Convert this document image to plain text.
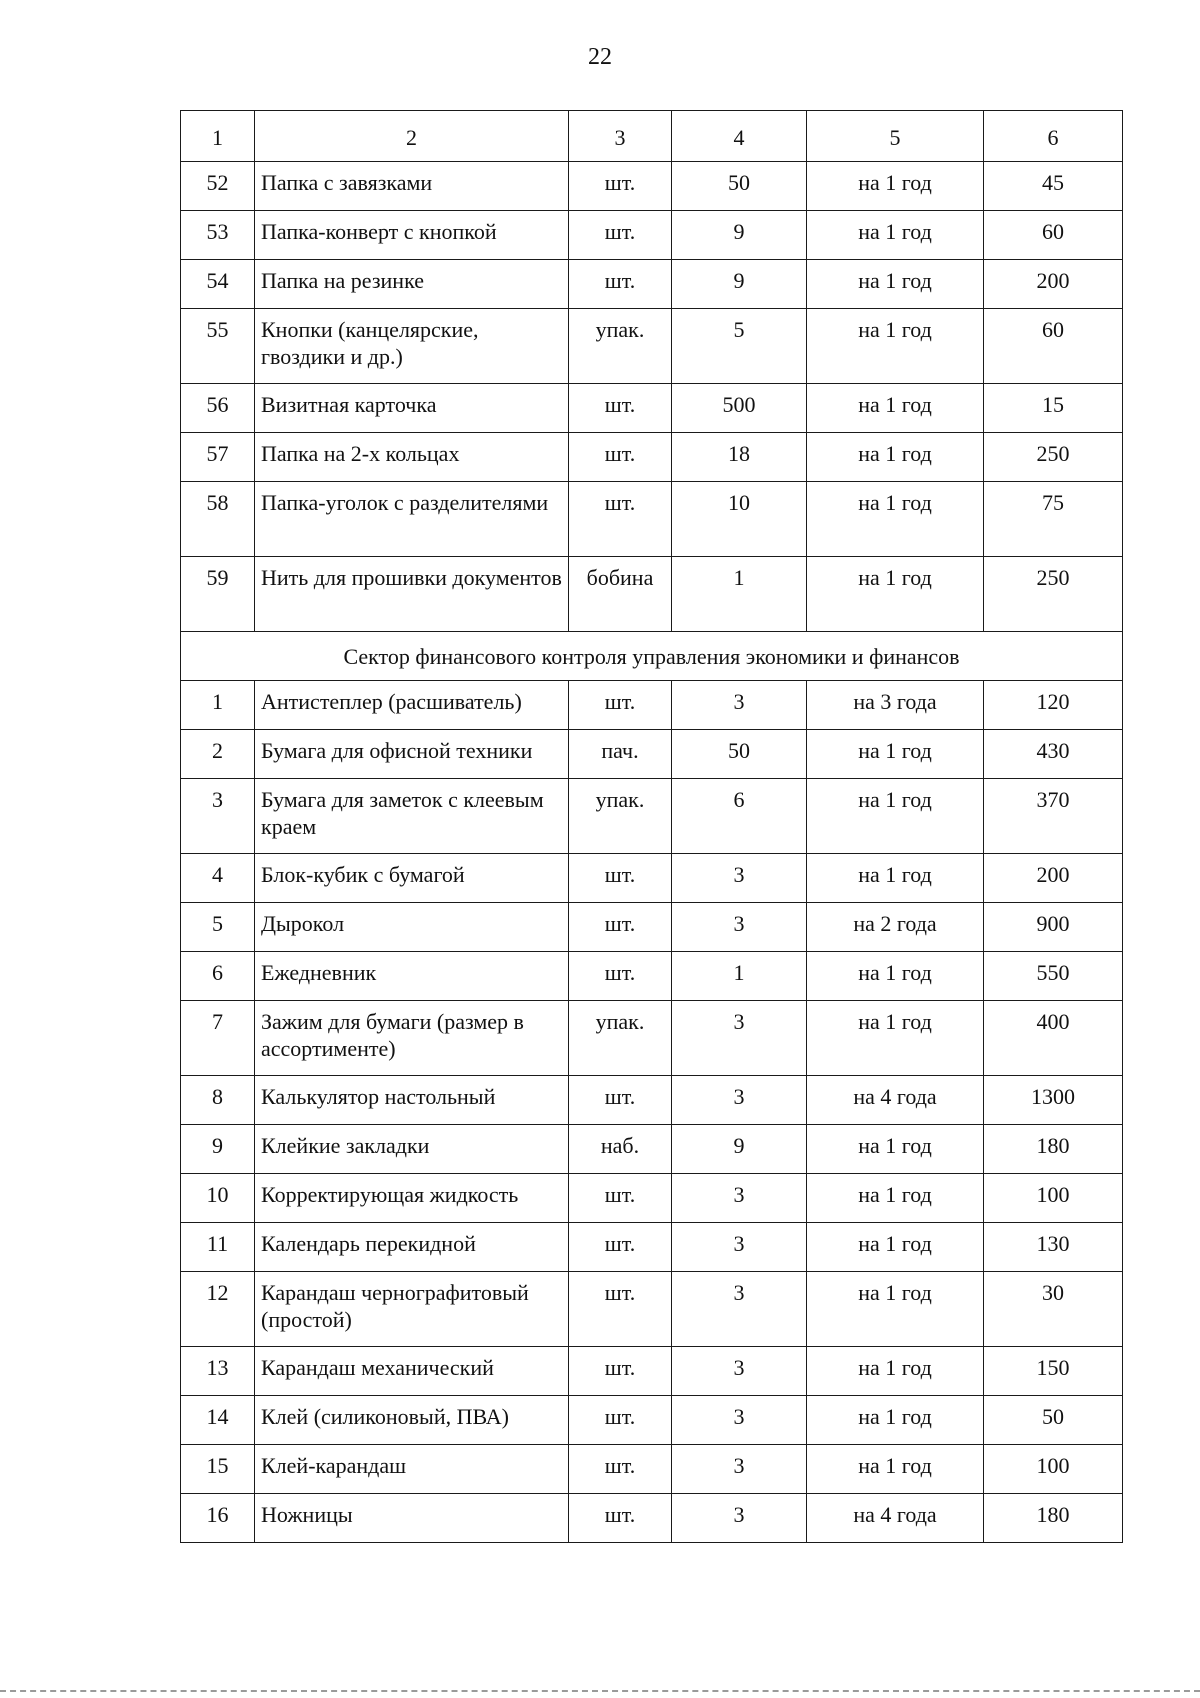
22
1	2	3	4	5	6
52	Папка с завязками	шт.	50	на 1 год	45
53	Папка-конверт с кнопкой	шт.	9	на 1 год	60
54	Папка на резинке	шт.	9	на 1 год	200
55	Кнопки (канцелярские, гвоздики и др.)	упак.	5	на 1 год	60
56	Визитная карточка	шт.	500	на 1 год	15
57	Папка на 2-х кольцах	шт.	18	на 1 год	250
58	Папка-уголок с разделителями	шт.	10	на 1 год	75
59	Нить для прошивки документов	бобина	1	на 1 год	250
Сектор финансового контроля управления экономики и финансов					
1	Антистеплер (расшиватель)	шт.	3	на 3 года	120
2	Бумага для офисной техники	пач.	50	на 1 год	430
3	Бумага для заметок с клеевым краем	упак.	6	на 1 год	370
4	Блок-кубик с бумагой	шт.	3	на 1 год	200
5	Дырокол	шт.	3	на 2 года	900
6	Ежедневник	шт.	1	на 1 год	550
7	Зажим для бумаги (размер в ассортименте)	упак.	3	на 1 год	400
8	Калькулятор настольный	шт.	3	на 4 года	1300
9	Клейкие закладки	наб.	9	на 1 год	180
10	Корректирующая жидкость	шт.	3	на 1 год	100
11	Календарь перекидной	шт.	3	на 1 год	130
12	Карандаш чернографитовый (простой)	шт.	3	на 1 год	30
13	Карандаш механический	шт.	3	на 1 год	150
14	Клей (силиконовый, ПВА)	шт.	3	на 1 год	50
15	Клей-карандаш	шт.	3	на 1 год	100
16	Ножницы	шт.	3	на 4 года	180
